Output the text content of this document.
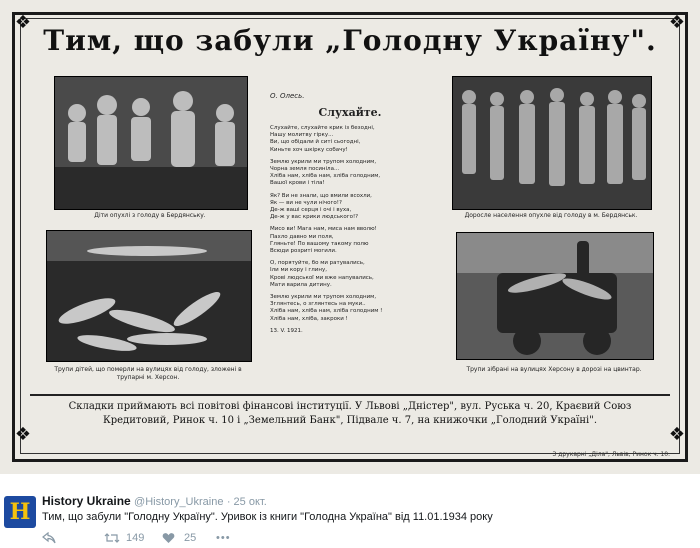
❖	❖
❖	❖
Тим, що забули „Голодну Україну".
Діти опухлі з голоду в Бердянську.	Доросле населення опухле від голоду в м. Бердянськ.
Трупи дітей, що померли на вулицях від голоду, зложені в трупарні м. Херсон.
Трупи зібрані на вулицях Херсону в дорозі на цвинтар.
О. Олесь.
Слухайте.
Слухайте, слухайте крик із безодні,
Нашу молитву гірку...
Ви, що обідали й ситі сьогодні,
Киньте хоч шкірку собачу!
Землю укрили ми трупом холодним,
Чорна земля посиніла...
Хліба нам, хліба нам, хліба голодним,
Вашої крови і тіла!
Як? Ви не знали, що вмили всохли,
Як — ви не чули нічого!?
Де-ж ваші серця і очі і вуха,
Де-ж у вас крики людського!?
Мисо ви! Мага нам, миса нам вволю!
Пахло давно ми поля,
Гляньте! По вашому такому полю
Всюди розриті могили.
О, порятуйте, бо ми ратувались,
Іли ми кору і глину,
Крові людської ми вже напувались,
Мати варила дитину.
Землю укрили ми трупом холодним,
Зглянтесь, о зглянтесь на муки..
Хліба нам, хліба нам, хліба голодним !
Хліба нам, хліба, закроки !
13. V. 1921.
Складки приймають всі повітові фінансові інституції. У Львові „Дністер", вул. Руська ч. 20, Краєвий Союз Кредитовий, Ринок ч. 10 і „Земельний Банк", Підвале ч. 7, на книжочки „Голодний Україні".
З друкарні „Діла", Львів, Ринок ч. 10.
H History Ukraine @History_Ukraine · 25 окт.
Тим, що забули "Голодну Україну". Уривок із книги "Голодна Україна" від 11.01.1934 року
149	25 •••
